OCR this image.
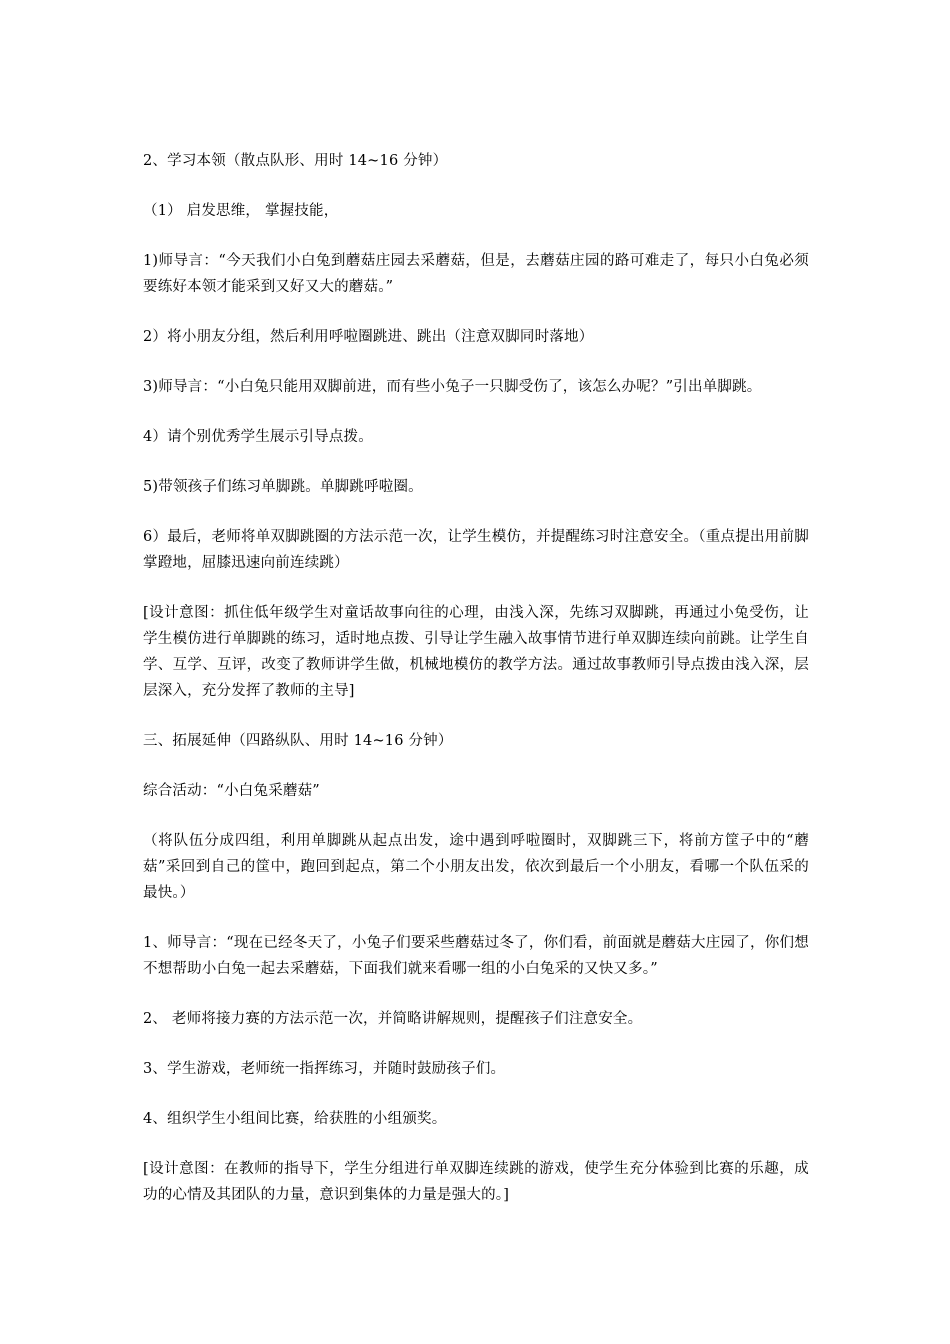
2、学习本领（散点队形、用时 14~16 分钟）

（1） 启发思维， 掌握技能，

1)师导言：“今天我们小白兔到蘑菇庄园去采蘑菇，但是，去蘑菇庄园的路可难走了，每只小白兔必须要练好本领才能采到又好又大的蘑菇。”

2）将小朋友分组，然后利用呼啦圈跳进、跳出（注意双脚同时落地）

3)师导言：“小白兔只能用双脚前进，而有些小兔子一只脚受伤了，该怎么办呢？”引出单脚跳。

4）请个别优秀学生展示引导点拨。

5)带领孩子们练习单脚跳。单脚跳呼啦圈。

6）最后，老师将单双脚跳圈的方法示范一次，让学生模仿，并提醒练习时注意安全。（重点提出用前脚掌蹬地，屈膝迅速向前连续跳）

[设计意图：抓住低年级学生对童话故事向往的心理，由浅入深，先练习双脚跳，再通过小兔受伤，让学生模仿进行单脚跳的练习，适时地点拨、引导让学生融入故事情节进行单双脚连续向前跳。让学生自学、互学、互评，改变了教师讲学生做，机械地模仿的教学方法。通过故事教师引导点拨由浅入深，层层深入，充分发挥了教师的主导]

三、拓展延伸（四路纵队、用时 14~16 分钟）

综合活动：“小白兔采蘑菇”

（将队伍分成四组，利用单脚跳从起点出发，途中遇到呼啦圈时，双脚跳三下，将前方筐子中的“蘑菇”采回到自己的筐中，跑回到起点，第二个小朋友出发，依次到最后一个小朋友，看哪一个队伍采的最快。）

1、师导言：“现在已经冬天了，小兔子们要采些蘑菇过冬了，你们看，前面就是蘑菇大庄园了，你们想不想帮助小白兔一起去采蘑菇，下面我们就来看哪一组的小白兔采的又快又多。”

2、 老师将接力赛的方法示范一次，并简略讲解规则，提醒孩子们注意安全。

3、学生游戏，老师统一指挥练习，并随时鼓励孩子们。

4、组织学生小组间比赛，给获胜的小组颁奖。

[设计意图：在教师的指导下，学生分组进行单双脚连续跳的游戏，使学生充分体验到比赛的乐趣，成功的心情及其团队的力量，意识到集体的力量是强大的。]
